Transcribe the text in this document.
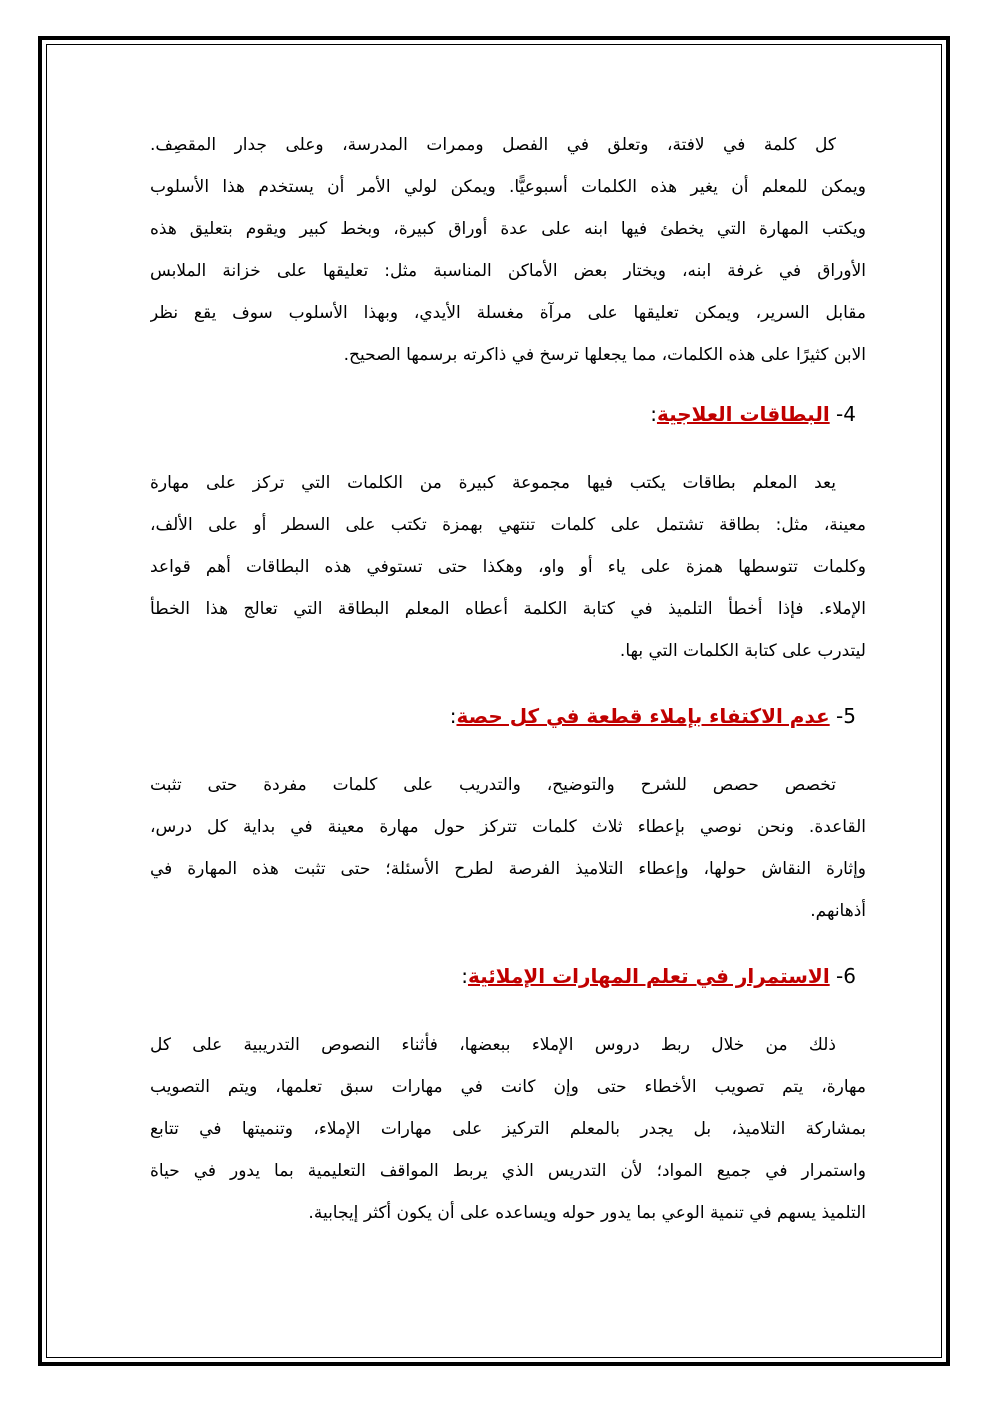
كل كلمة في لافتة، وتعلق في الفصل وممرات المدرسة، وعلى جدار المقصِف.
ويمكن للمعلم أن يغير هذه الكلمات أسبوعيًّا. ويمكن لولي الأمر أن يستخدم هذا الأسلوب
ويكتب المهارة التي يخطئ فيها ابنه على عدة أوراق كبيرة، وبخط كبير ويقوم بتعليق هذه
الأوراق في غرفة ابنه، ويختار بعض الأماكن المناسبة مثل: تعليقها على خزانة الملابس
مقابل السرير، ويمكن تعليقها على مرآة مغسلة الأيدي، وبهذا الأسلوب سوف يقع نظر
الابن كثيرًا على هذه الكلمات، مما يجعلها ترسخ في ذاكرته برسمها الصحيح.
4- البطاقات العلاجية:
يعد المعلم بطاقات يكتب فيها مجموعة كبيرة من الكلمات التي تركز على مهارة
معينة، مثل: بطاقة تشتمل على كلمات تنتهي بهمزة تكتب على السطر أو على الألف،
وكلمات تتوسطها همزة على ياء أو واو، وهكذا حتى تستوفي هذه البطاقات أهم قواعد
الإملاء. فإذا أخطأ التلميذ في كتابة الكلمة أعطاه المعلم البطاقة التي تعالج هذا الخطأ
ليتدرب على كتابة الكلمات التي بها.
5- عدم الاكتفاء بإملاء قطعة في كل حصة:
تخصص حصص للشرح والتوضيح، والتدريب على كلمات مفردة حتى تثبت
القاعدة. ونحن نوصي بإعطاء ثلاث كلمات تتركز حول مهارة معينة في بداية كل درس،
وإثارة النقاش حولها، وإعطاء التلاميذ الفرصة لطرح الأسئلة؛ حتى تثبت هذه المهارة في
أذهانهم.
6- الاستمرار في تعلم المهارات الإملائية:
ذلك من خلال ربط دروس الإملاء ببعضها، فأثناء النصوص التدريبية على كل
مهارة، يتم تصويب الأخطاء حتى وإن كانت في مهارات سبق تعلمها، ويتم التصويب
بمشاركة التلاميذ، بل يجدر بالمعلم التركيز على مهارات الإملاء، وتنميتها في تتابع
واستمرار في جميع المواد؛ لأن التدريس الذي يربط المواقف التعليمية بما يدور في حياة
التلميذ يسهم في تنمية الوعي بما يدور حوله ويساعده على أن يكون أكثر إيجابية.
